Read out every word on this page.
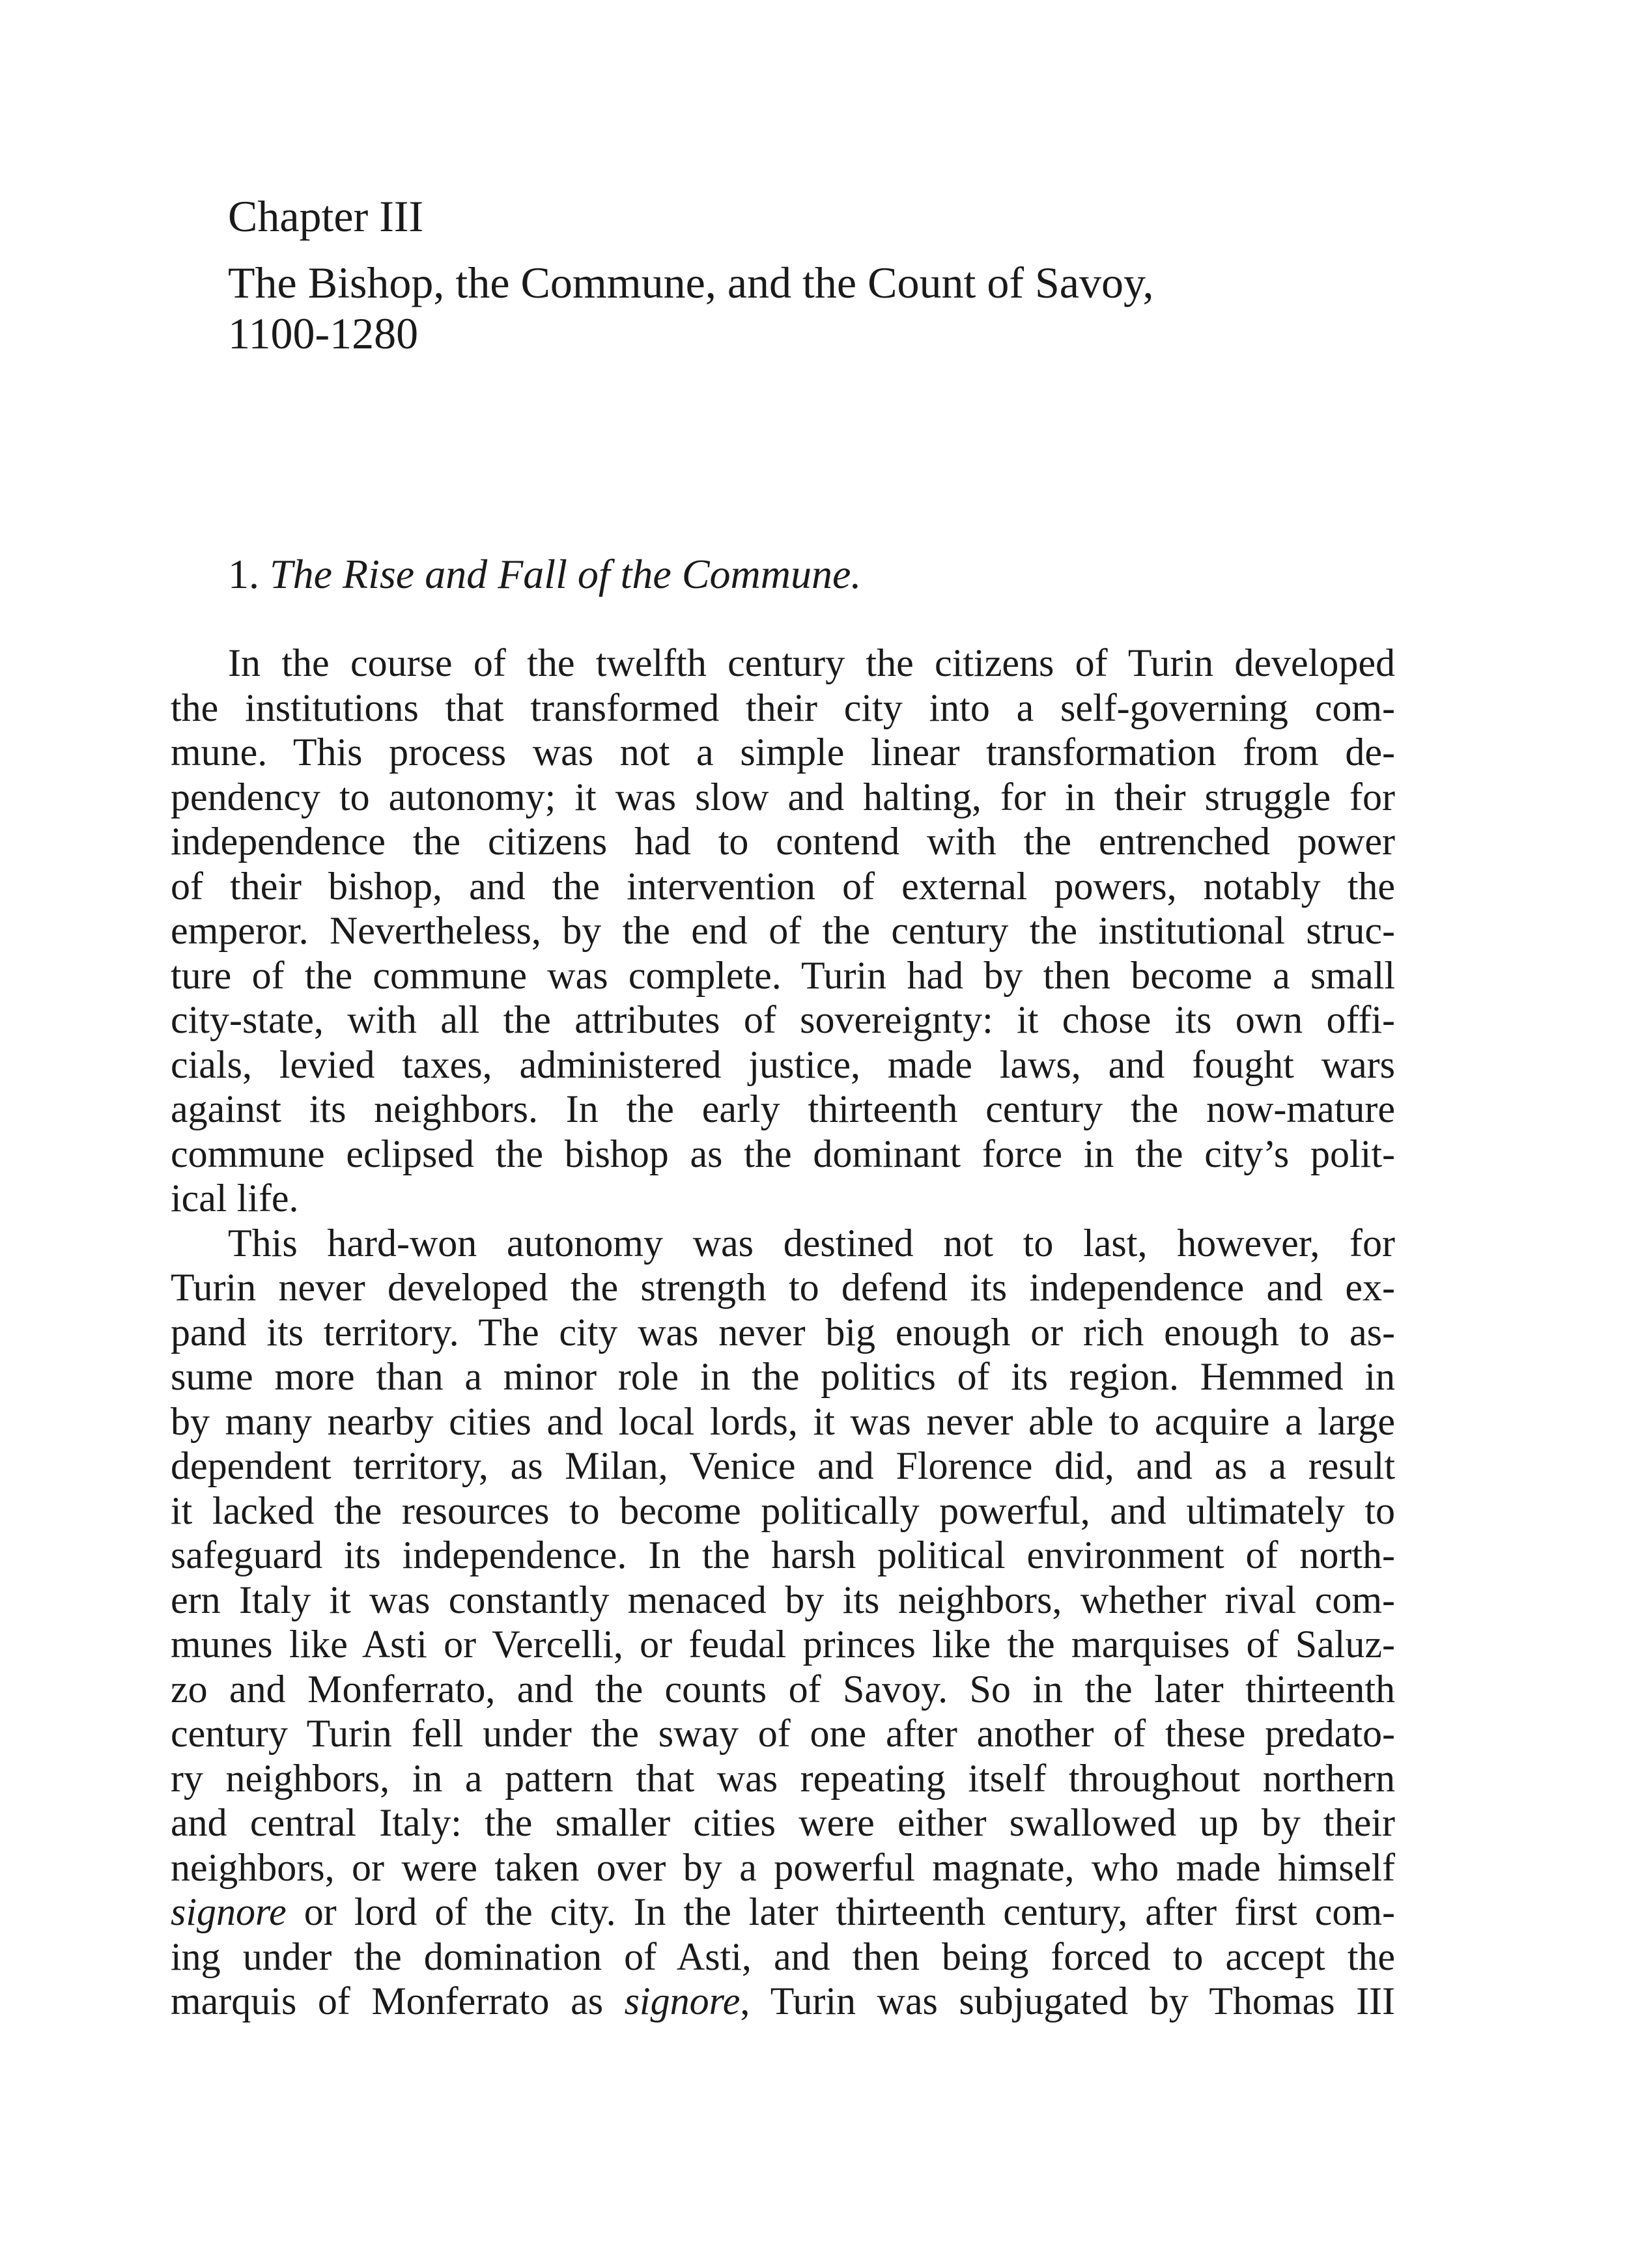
Chapter III
The Bishop, the Commune, and the Count of Savoy,
1100-1280
1. The Rise and Fall of the Commune.
In the course of the twelfth century the citizens of Turin developed
the institutions that transformed their city into a self-governing com-
mune. This process was not a simple linear transformation from de-
pendency to autonomy; it was slow and halting, for in their struggle for
independence the citizens had to contend with the entrenched power
of their bishop, and the intervention of external powers, notably the
emperor. Nevertheless, by the end of the century the institutional struc-
ture of the commune was complete. Turin had by then become a small
city-state, with all the attributes of sovereignty: it chose its own offi-
cials, levied taxes, administered justice, made laws, and fought wars
against its neighbors. In the early thirteenth century the now-mature
commune eclipsed the bishop as the dominant force in the city’s polit-
ical life.
This hard-won autonomy was destined not to last, however, for
Turin never developed the strength to defend its independence and ex-
pand its territory. The city was never big enough or rich enough to as-
sume more than a minor role in the politics of its region. Hemmed in
by many nearby cities and local lords, it was never able to acquire a large
dependent territory, as Milan, Venice and Florence did, and as a result
it lacked the resources to become politically powerful, and ultimately to
safeguard its independence. In the harsh political environment of north-
ern Italy it was constantly menaced by its neighbors, whether rival com-
munes like Asti or Vercelli, or feudal princes like the marquises of Saluz-
zo and Monferrato, and the counts of Savoy. So in the later thirteenth
century Turin fell under the sway of one after another of these predato-
ry neighbors, in a pattern that was repeating itself throughout northern
and central Italy: the smaller cities were either swallowed up by their
neighbors, or were taken over by a powerful magnate, who made himself
signore or lord of the city. In the later thirteenth century, after first com-
ing under the domination of Asti, and then being forced to accept the
marquis of Monferrato as signore, Turin was subjugated by Thomas III
